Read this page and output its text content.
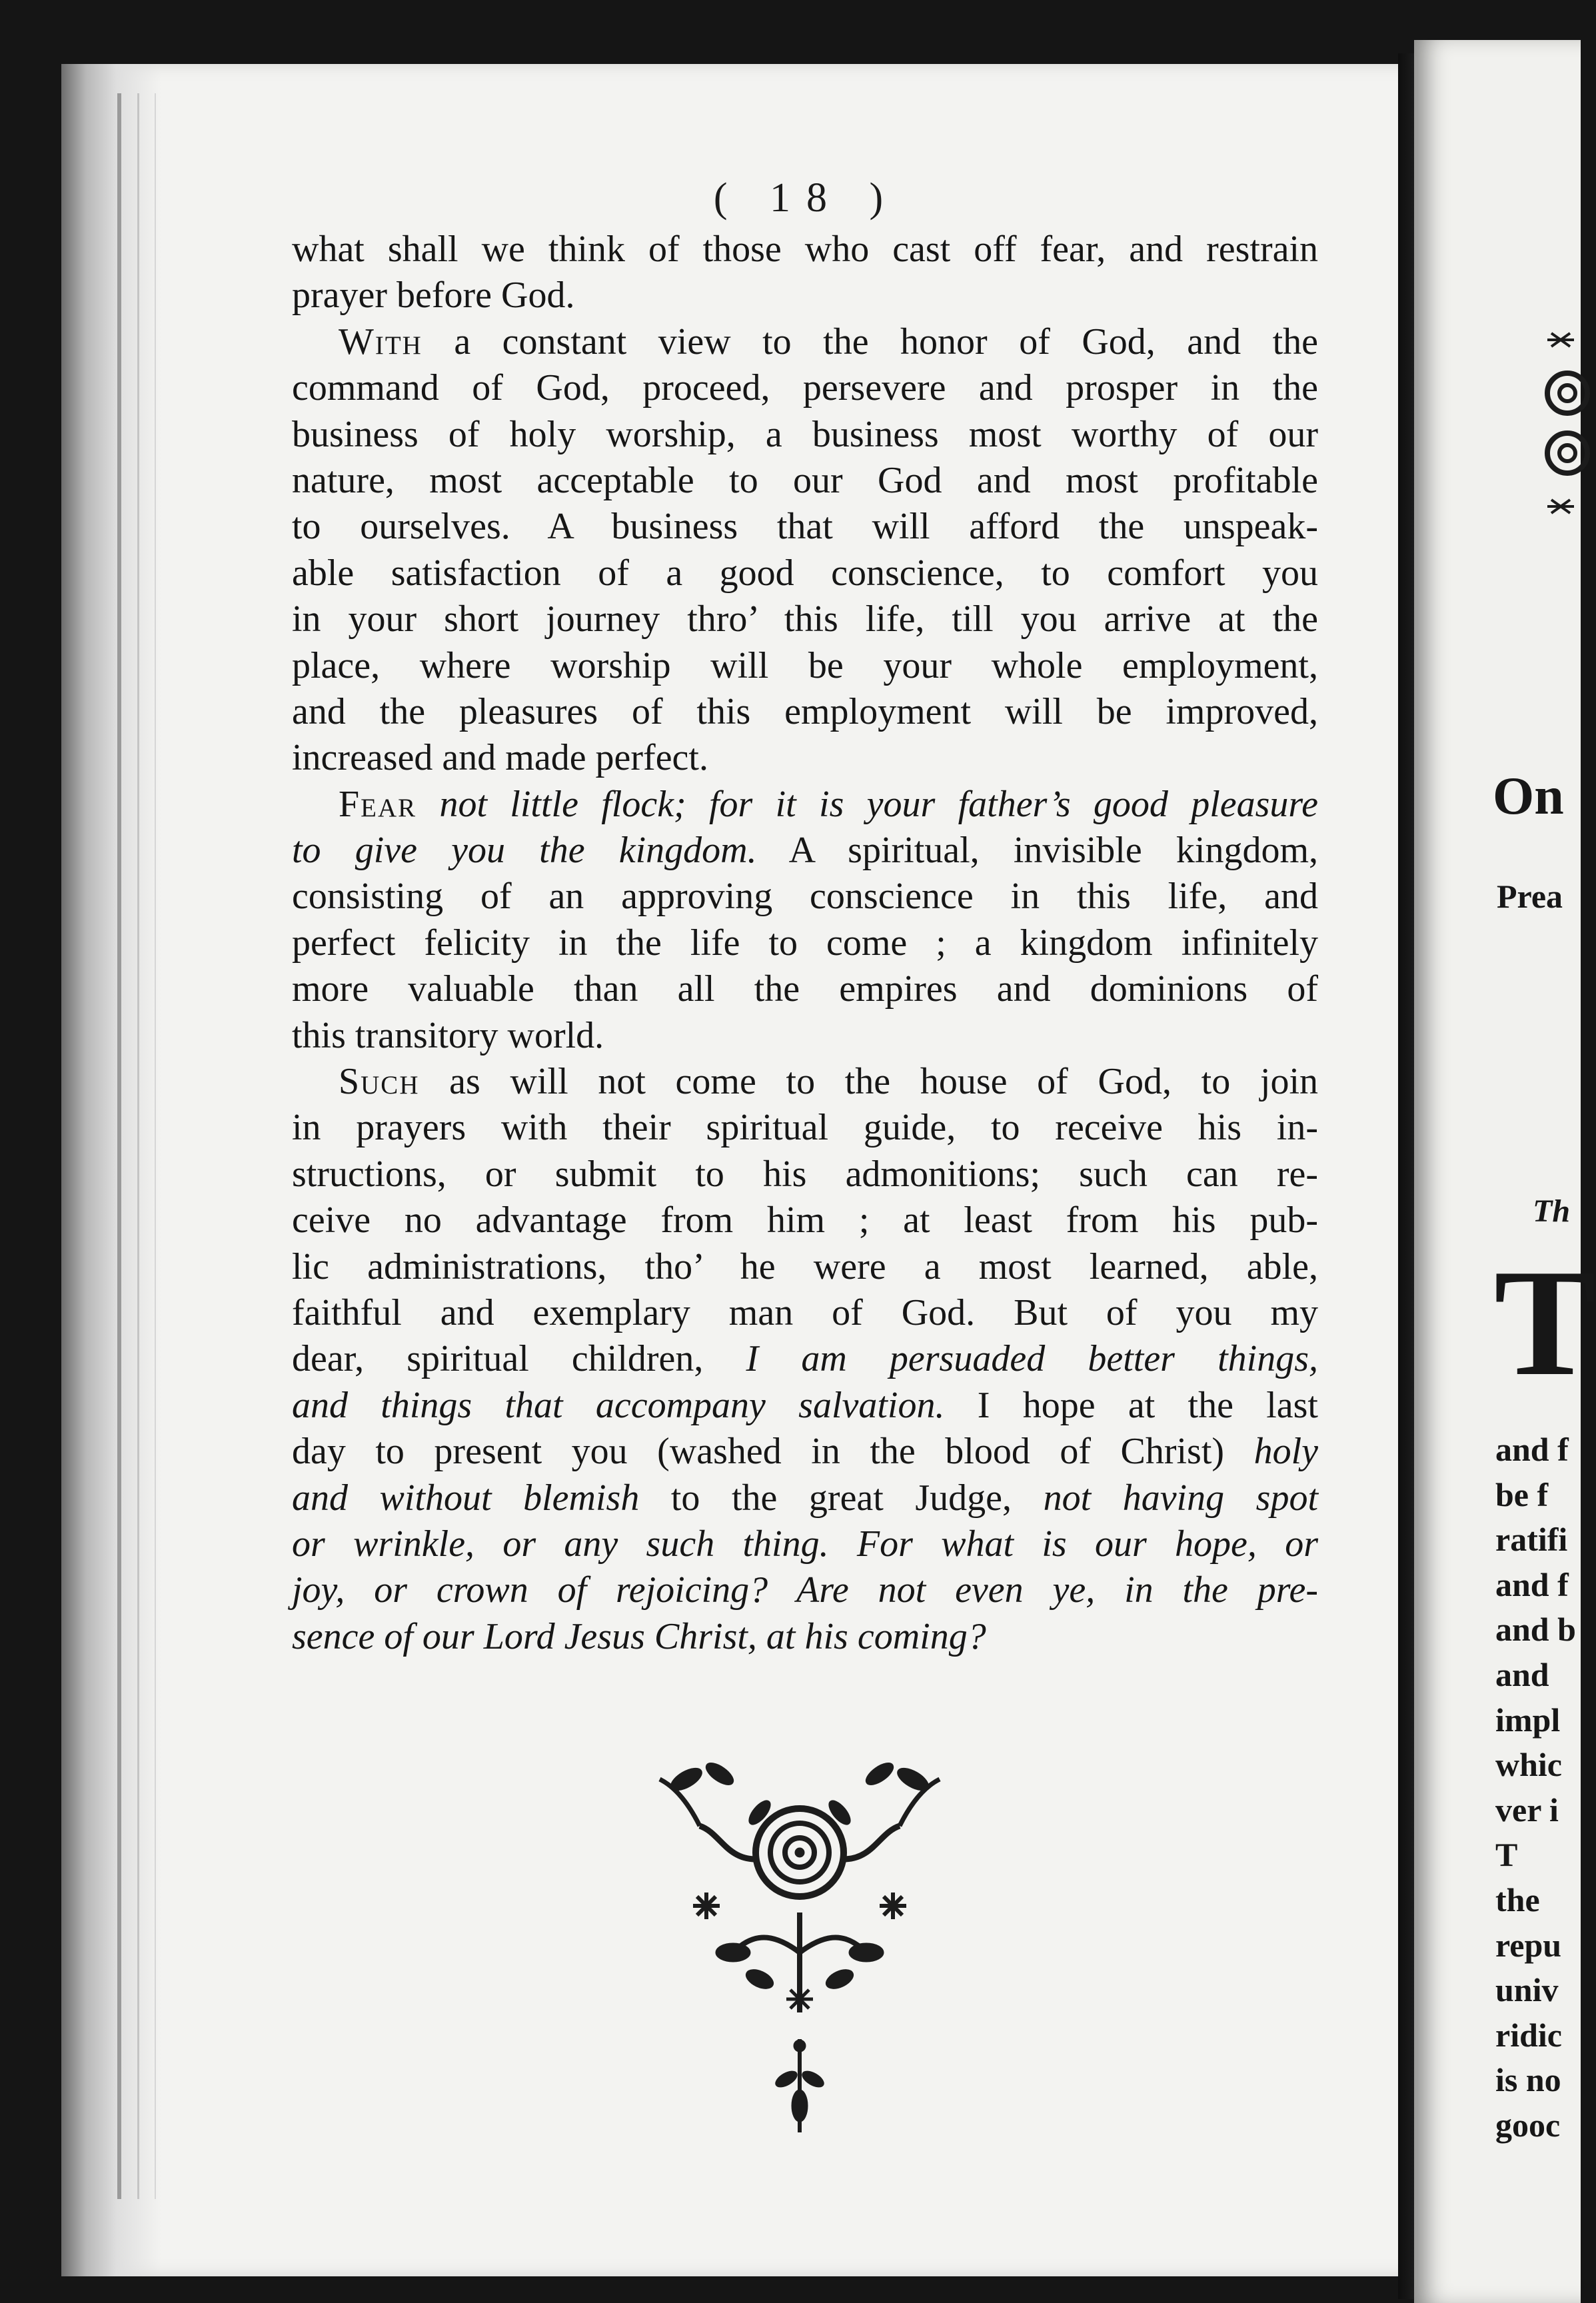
( 18 )
what shall we think of those who cast off fear, and restrain
prayer before God.
With a constant view to the honor of God, and the
command of God, proceed, persevere and prosper in the
business of holy worship, a business most worthy of our
nature, most acceptable to our God and most profitable
to ourselves. A business that will afford the unspeak-
able satisfaction of a good conscience, to comfort you
in your short journey thro’ this life, till you arrive at the
place, where worship will be your whole employment,
and the pleasures of this employment will be improved,
increased and made perfect.
Fear not little flock; for it is your father’s good pleasure
to give you the kingdom. A spiritual, invisible kingdom,
consisting of an approving conscience in this life, and
perfect felicity in the life to come ; a kingdom infinitely
more valuable than all the empires and dominions of
this transitory world.
Such as will not come to the house of God, to join
in prayers with their spiritual guide, to receive his in-
structions, or submit to his admonitions; such can re-
ceive no advantage from him ; at least from his pub-
lic administrations, tho’ he were a most learned, able,
faithful and exemplary man of God. But of you my
dear, spiritual children, I am persuaded better things,
and things that accompany salvation. I hope at the last
day to present you (washed in the blood of Christ) holy
and without blemish to the great Judge, not having spot
or wrinkle, or any such thing. For what is our hope, or
joy, or crown of rejoicing? Are not even ye, in the pre-
sence of our Lord Jesus Christ, at his coming?
On
Prea
Th
T
and f
be f
ratifi
and f
and b
and
impl
whic
ver i
T
the
repu
univ
ridic
is no
gooc
